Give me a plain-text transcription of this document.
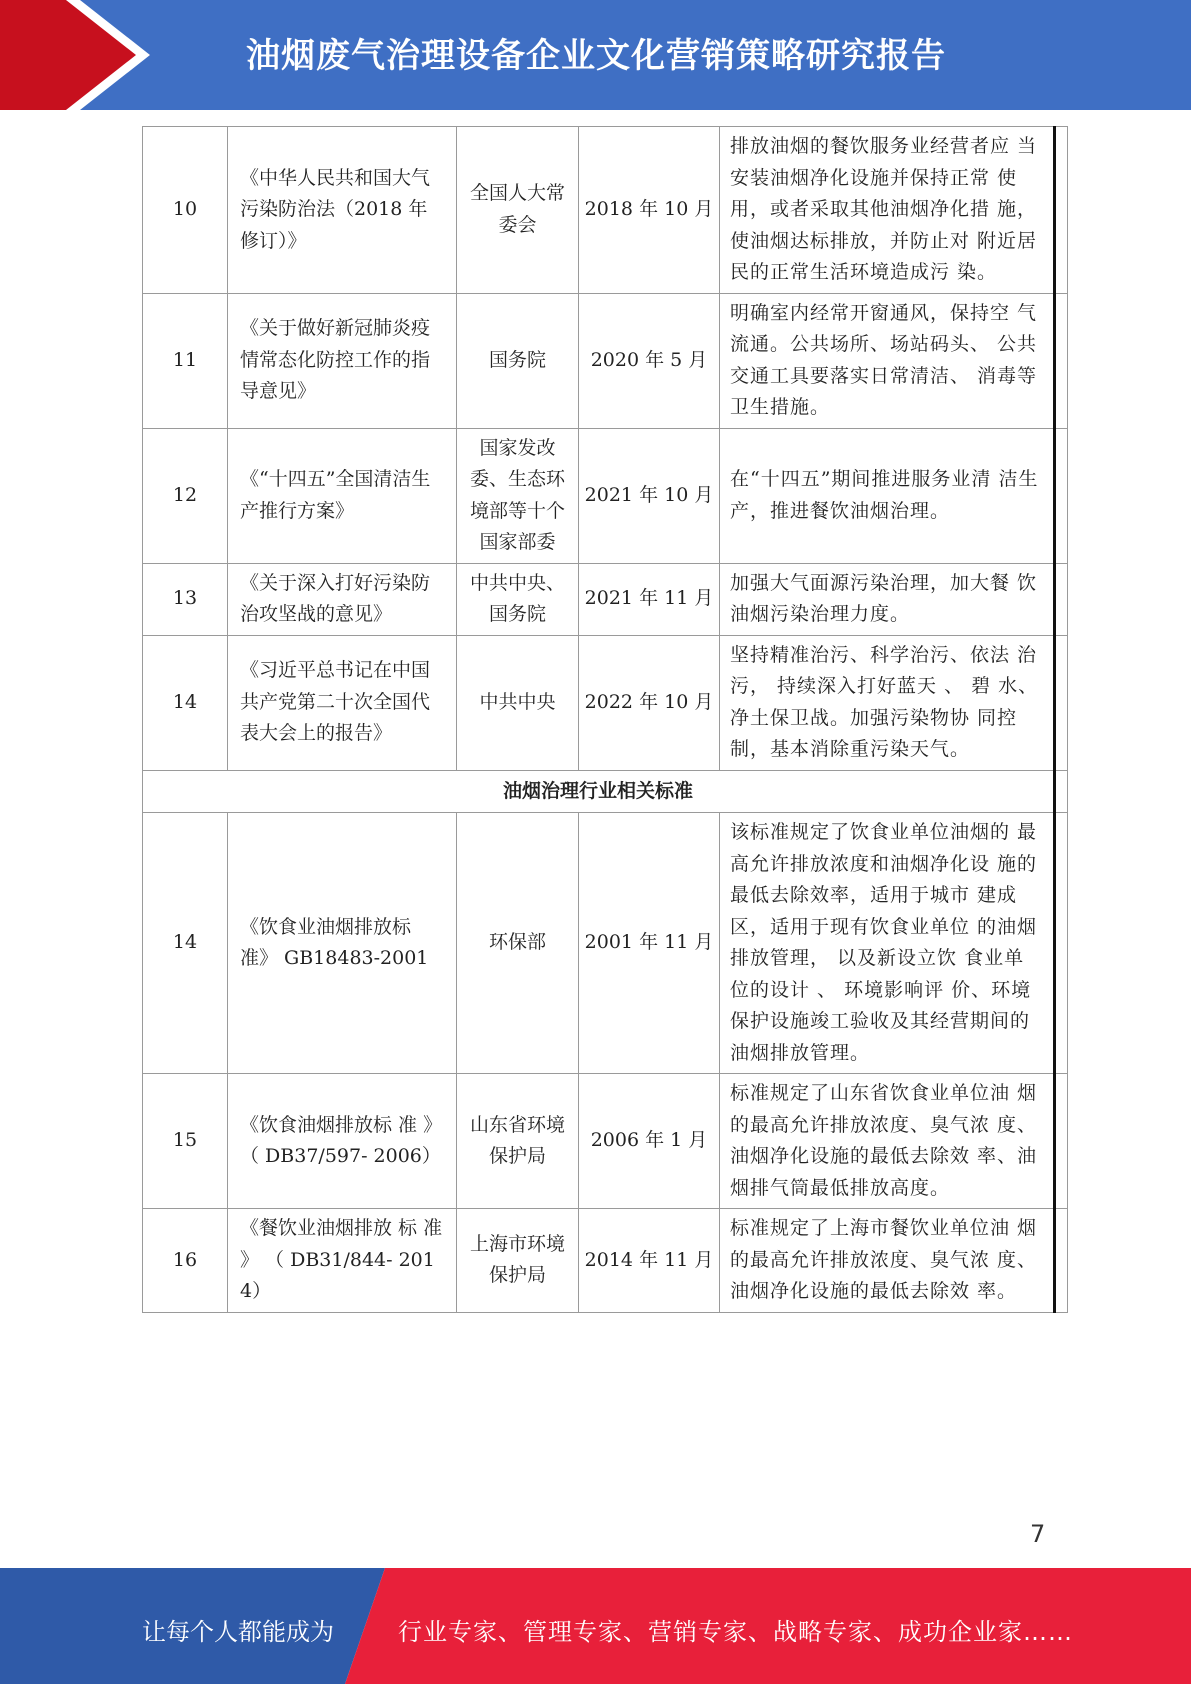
油烟废气治理设备企业文化营销策略研究报告
10	《中华人民共和国大气污染防治法（2018 年修订）》	全国人大常委会	2018 年 10 月	排放油烟的餐饮服务业经营者应 当安装油烟净化设施并保持正常 使用，或者采取其他油烟净化措 施，使油烟达标排放，并防止对 附近居民的正常生活环境造成污 染。	
11	《关于做好新冠肺炎疫情常态化防控工作的指导意见》	国务院	2020 年 5 月	明确室内经常开窗通风，保持空 气流通。公共场所、场站码头、 公共交通工具要落实日常清洁、 消毒等卫生措施。	
12	《“十四五”全国清洁生产推行方案》	国家发改委、生态环境部等十个国家部委	2021 年 10 月	在“十四五”期间推进服务业清 洁生产，推进餐饮油烟治理。	
13	《关于深入打好污染防治攻坚战的意见》	中共中央、国务院	2021 年 11 月	加强大气面源污染治理，加大餐 饮油烟污染治理力度。	
14	《习近平总书记在中国共产党第二十次全国代表大会上的报告》	中共中央	2022 年 10 月	坚持精准治污、科学治污、依法 治污， 持续深入打好蓝天 、 碧 水、净土保卫战。加强污染物协 同控制，基本消除重污染天气。	
油烟治理行业相关标准					
14	《饮食业油烟排放标 准》 GB18483-2001	环保部	2001 年 11 月	该标准规定了饮食业单位油烟的 最高允许排放浓度和油烟净化设 施的最低去除效率，适用于城市 建成区，适用于现有饮食业单位 的油烟排放管理， 以及新设立饮 食业单位的设计 、 环境影响评 价、环境保护设施竣工验收及其经营期间的油烟排放管理。	
15	《饮食油烟排放标 准 》 （ DB37/597- 2006）	山东省环境保护局	2006 年 1 月	标准规定了山东省饮食业单位油 烟的最高允许排放浓度、臭气浓 度、油烟净化设施的最低去除效 率、油烟排气筒最低排放高度。	
16	《餐饮业油烟排放 标 准 》 （ DB31/844- 2014）	上海市环境保护局	2014 年 11 月	标准规定了上海市餐饮业单位油 烟的最高允许排放浓度、臭气浓 度、油烟净化设施的最低去除效 率。	
7
让每个人都能成为	行业专家、管理专家、营销专家、战略专家、成功企业家……
